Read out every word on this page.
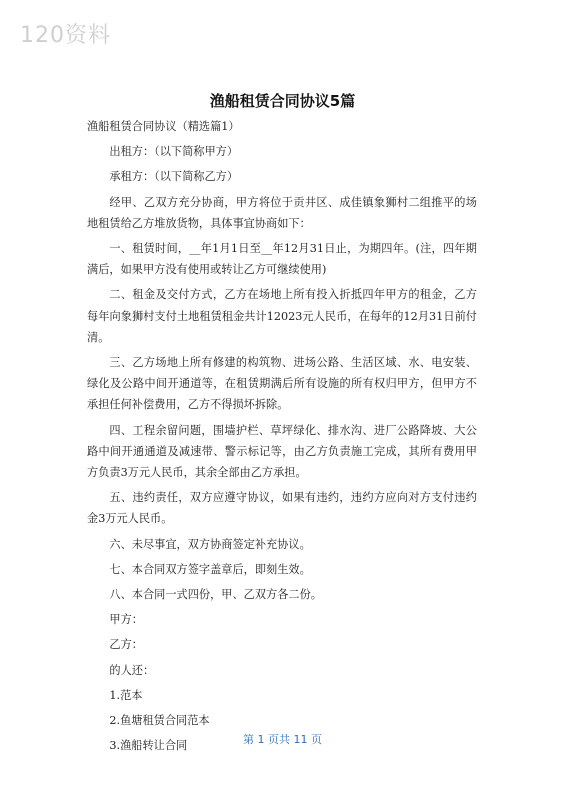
120资料
渔船租赁合同协议5篇

渔船租赁合同协议（精选篇1）

出租方：（以下简称甲方）

承租方：（以下简称乙方）

经甲、乙双方充分协商，甲方将位于贡井区、成佳镇象狮村二组推平的场地租赁给乙方堆放货物，具体事宜协商如下：

一、租赁时间，__年1月1日至__年12月31日止，为期四年。(注，四年期满后，如果甲方没有使用或转让乙方可继续使用)

二、租金及交付方式，乙方在场地上所有投入折抵四年甲方的租金，乙方每年向象狮村支付土地租赁租金共计12023元人民币，在每年的12月31日前付清。

三、乙方场地上所有修建的构筑物、进场公路、生活区域、水、电安装、绿化及公路中间开通道等，在租赁期满后所有设施的所有权归甲方，但甲方不承担任何补偿费用，乙方不得损坏拆除。

四、工程余留问题，围墙护栏、草坪绿化、排水沟、进厂公路降坡、大公路中间开通通道及减速带、警示标记等，由乙方负责施工完成，其所有费用甲方负责3万元人民币，其余全部由乙方承担。

五、违约责任，双方应遵守协议，如果有违约，违约方应向对方支付违约金3万元人民币。

六、未尽事宜，双方协商签定补充协议。

七、本合同双方签字盖章后，即刻生效。

八、本合同一式四份，甲、乙双方各二份。

甲方：

乙方：

的人还：

1.范本

2.鱼塘租赁合同范本

3.渔船转让合同	第 1 页共 11 页
